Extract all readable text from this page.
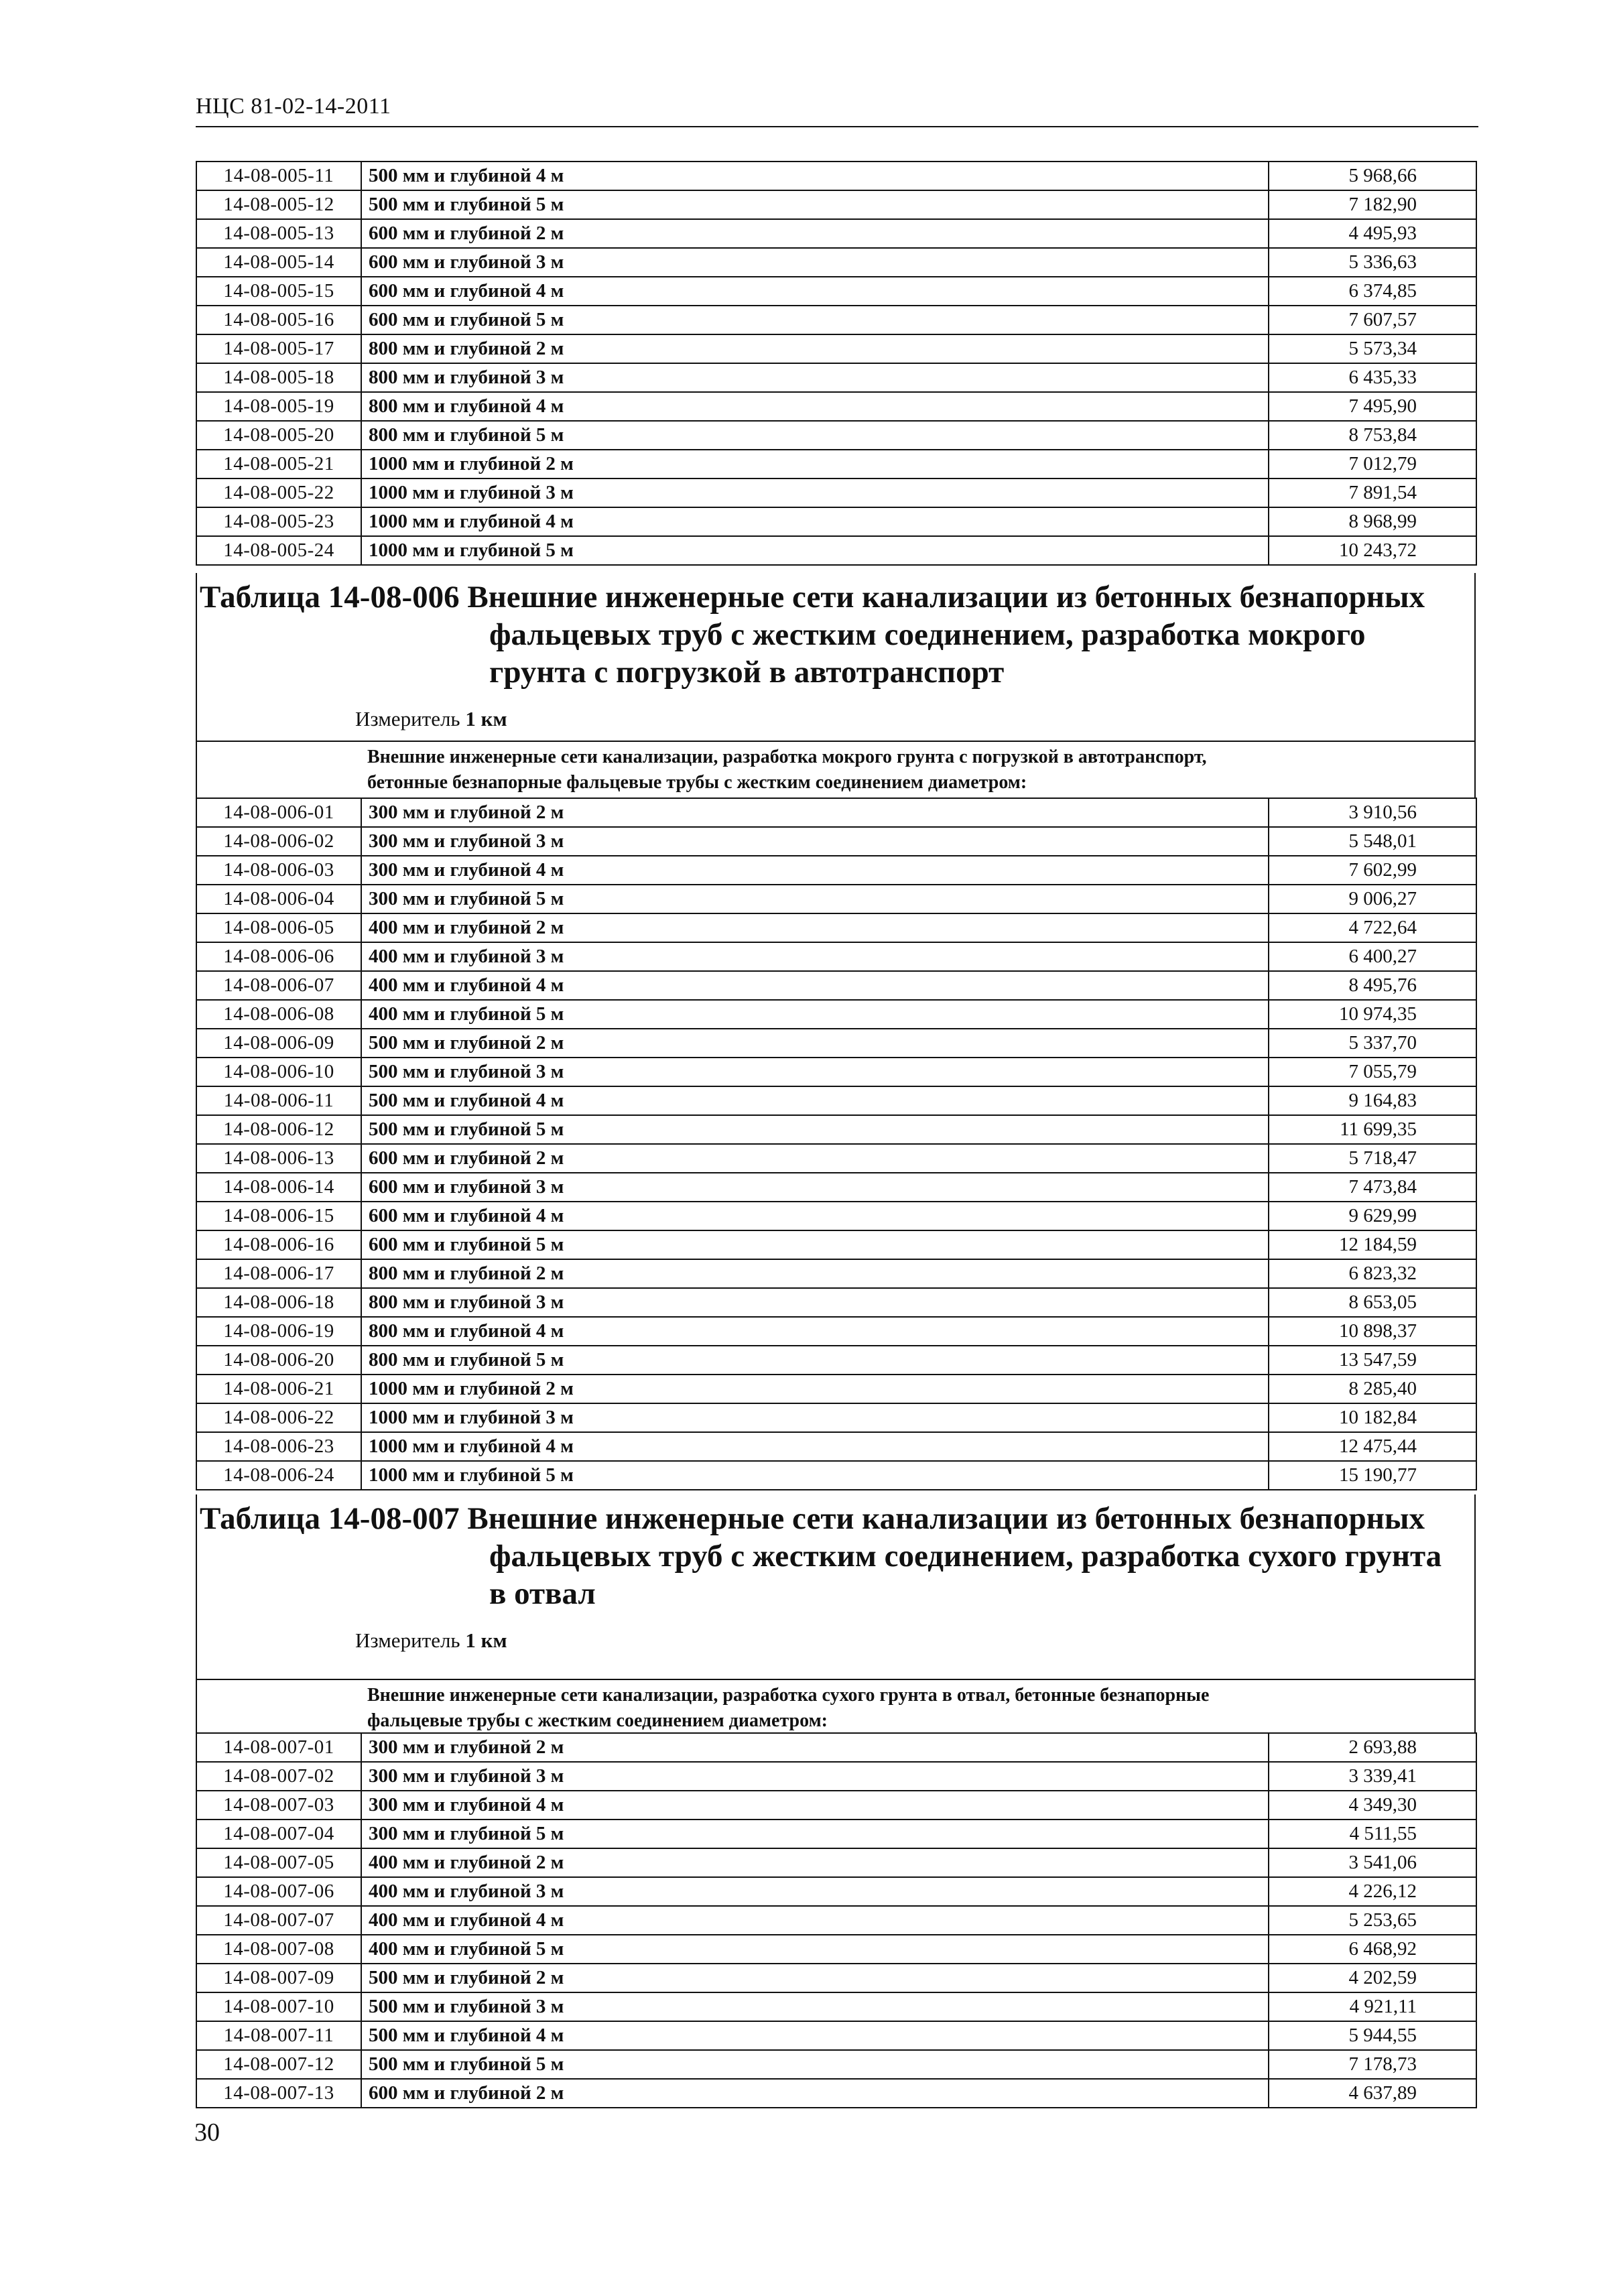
НЦС 81-02-14-2011
14-08-005-11	500 мм и глубиной 4 м	5 968,66
14-08-005-12	500 мм и глубиной 5 м	7 182,90
14-08-005-13	600 мм и глубиной 2 м	4 495,93
14-08-005-14	600 мм и глубиной 3 м	5 336,63
14-08-005-15	600 мм и глубиной 4 м	6 374,85
14-08-005-16	600 мм и глубиной 5 м	7 607,57
14-08-005-17	800 мм и глубиной 2 м	5 573,34
14-08-005-18	800 мм и глубиной 3 м	6 435,33
14-08-005-19	800 мм и глубиной 4 м	7 495,90
14-08-005-20	800 мм и глубиной 5 м	8 753,84
14-08-005-21	1000 мм и глубиной 2 м	7 012,79
14-08-005-22	1000 мм и глубиной 3 м	7 891,54
14-08-005-23	1000 мм и глубиной 4 м	8 968,99
14-08-005-24	1000 мм и глубиной 5 м	10 243,72
Таблица 14-08-006 Внешние инженерные сети канализации из бетонных безнапорных
фальцевых труб с жестким соединением, разработка мокрого
грунта с погрузкой в автотранспорт
Измеритель 1 км
Внешние инженерные сети канализации, разработка мокрого грунта с погрузкой в автотранспорт,
бетонные безнапорные фальцевые трубы с жестким соединением диаметром:
14-08-006-01	300 мм и глубиной 2 м	3 910,56
14-08-006-02	300 мм и глубиной 3 м	5 548,01
14-08-006-03	300 мм и глубиной 4 м	7 602,99
14-08-006-04	300 мм и глубиной 5 м	9 006,27
14-08-006-05	400 мм и глубиной 2 м	4 722,64
14-08-006-06	400 мм и глубиной 3 м	6 400,27
14-08-006-07	400 мм и глубиной 4 м	8 495,76
14-08-006-08	400 мм и глубиной 5 м	10 974,35
14-08-006-09	500 мм и глубиной 2 м	5 337,70
14-08-006-10	500 мм и глубиной 3 м	7 055,79
14-08-006-11	500 мм и глубиной 4 м	9 164,83
14-08-006-12	500 мм и глубиной 5 м	11 699,35
14-08-006-13	600 мм и глубиной 2 м	5 718,47
14-08-006-14	600 мм и глубиной 3 м	7 473,84
14-08-006-15	600 мм и глубиной 4 м	9 629,99
14-08-006-16	600 мм и глубиной 5 м	12 184,59
14-08-006-17	800 мм и глубиной 2 м	6 823,32
14-08-006-18	800 мм и глубиной 3 м	8 653,05
14-08-006-19	800 мм и глубиной 4 м	10 898,37
14-08-006-20	800 мм и глубиной 5 м	13 547,59
14-08-006-21	1000 мм и глубиной 2 м	8 285,40
14-08-006-22	1000 мм и глубиной 3 м	10 182,84
14-08-006-23	1000 мм и глубиной 4 м	12 475,44
14-08-006-24	1000 мм и глубиной 5 м	15 190,77
Таблица 14-08-007 Внешние инженерные сети канализации из бетонных безнапорных
фальцевых труб с жестким соединением, разработка сухого грунта
в отвал
Измеритель 1 км
Внешние инженерные сети канализации, разработка сухого грунта в отвал, бетонные безнапорные
фальцевые трубы с жестким соединением диаметром:
14-08-007-01	300 мм и глубиной 2 м	2 693,88
14-08-007-02	300 мм и глубиной 3 м	3 339,41
14-08-007-03	300 мм и глубиной 4 м	4 349,30
14-08-007-04	300 мм и глубиной 5 м	4 511,55
14-08-007-05	400 мм и глубиной 2 м	3 541,06
14-08-007-06	400 мм и глубиной 3 м	4 226,12
14-08-007-07	400 мм и глубиной 4 м	5 253,65
14-08-007-08	400 мм и глубиной 5 м	6 468,92
14-08-007-09	500 мм и глубиной 2 м	4 202,59
14-08-007-10	500 мм и глубиной 3 м	4 921,11
14-08-007-11	500 мм и глубиной 4 м	5 944,55
14-08-007-12	500 мм и глубиной 5 м	7 178,73
14-08-007-13	600 мм и глубиной 2 м	4 637,89
30
